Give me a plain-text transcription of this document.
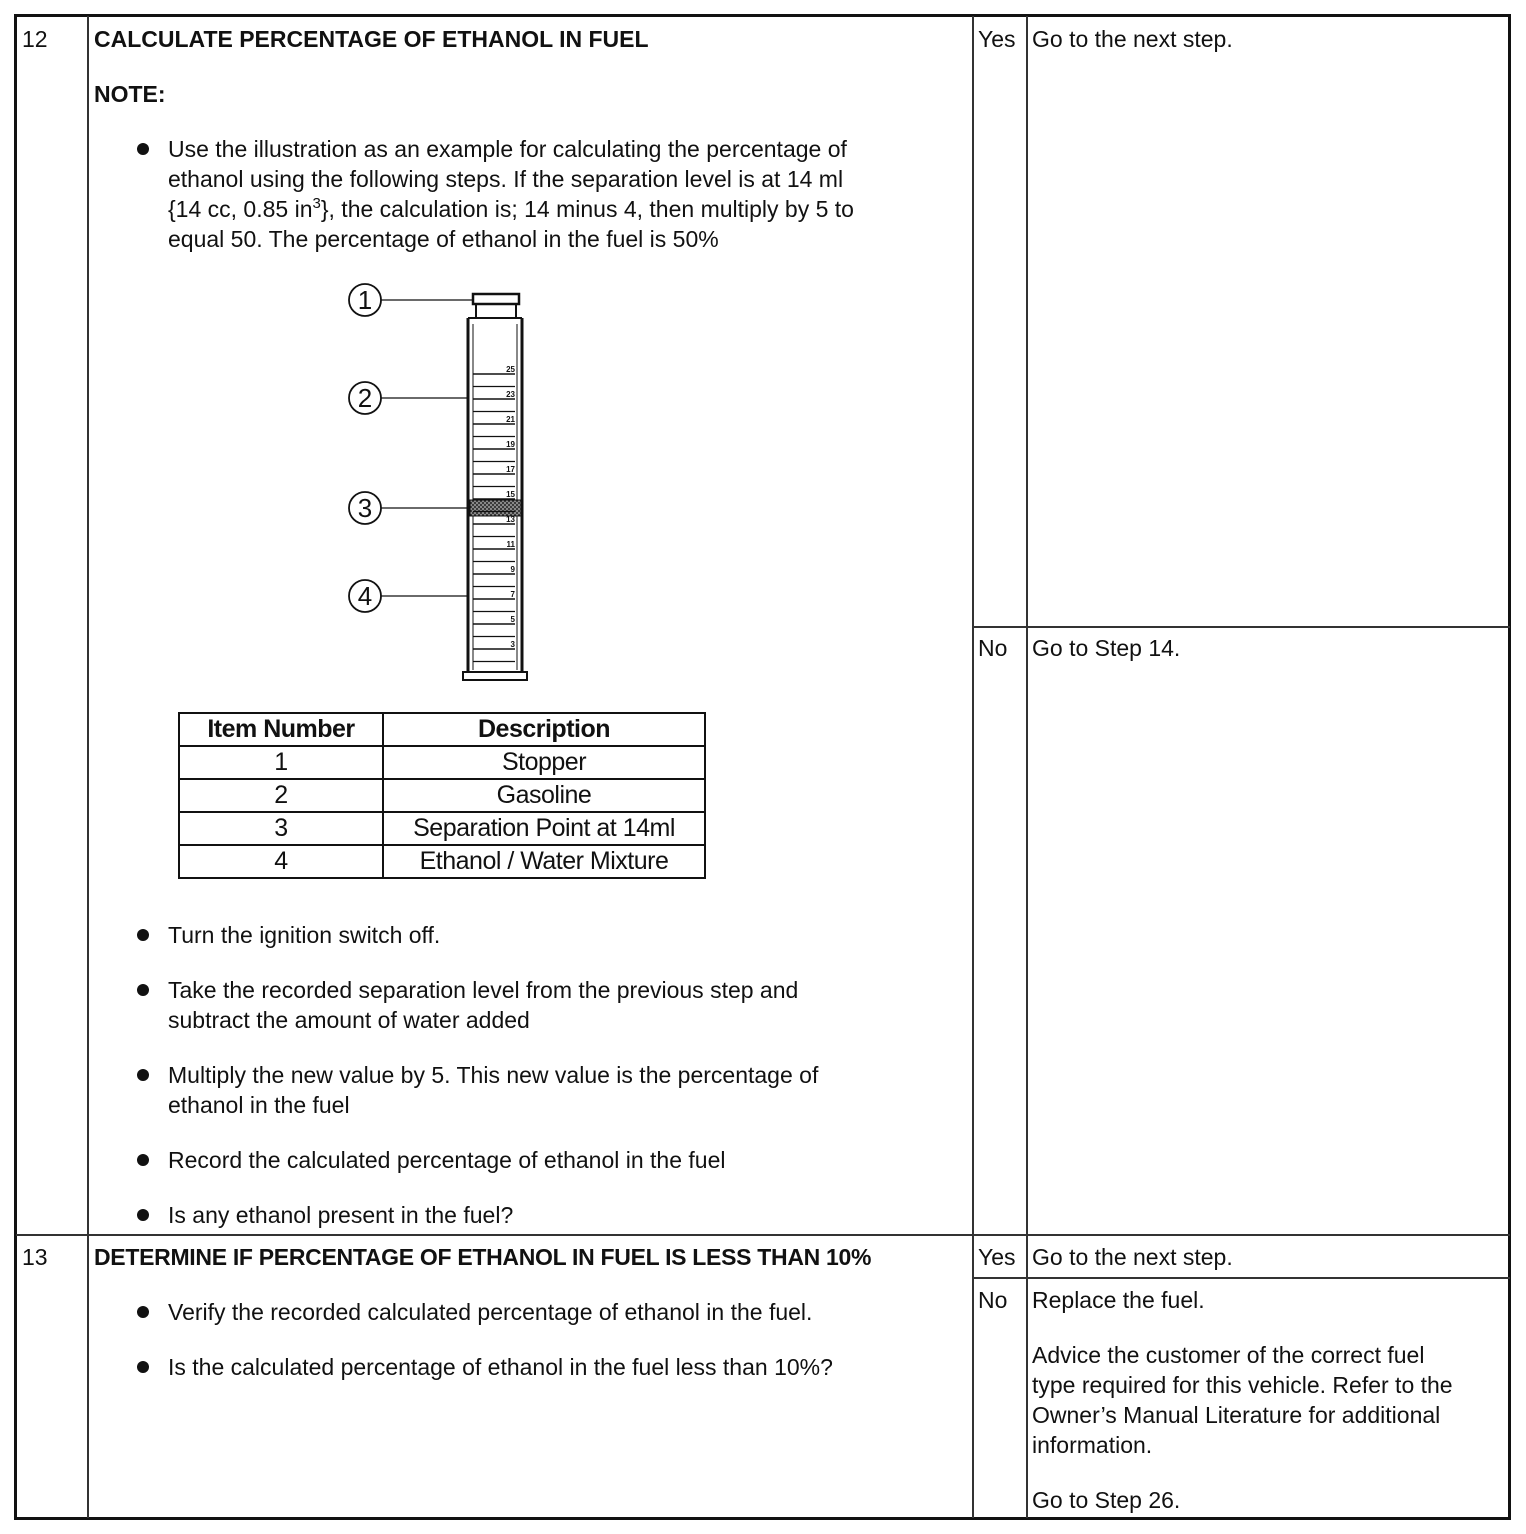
12 CALCULATE PERCENTAGE OF ETHANOL IN FUEL
NOTE:
Use the illustration as an example for calculating the percentage of
ethanol using the following steps. If the separation level is at 14 ml
{14 cc, 0.85 $in^3$}, the calculation is; 14 minus 4, then multiply by 5 to
equal 50. The percentage of ethanol in the fuel is 50%
25
23
21
19
17
15
13
11
9
7
5
3
1
2
3
4
Item Number	Description
1	Stopper
2	Gasoline
3	Separation Point at 14ml
4	Ethanol / Water Mixture
Turn the ignition switch off.
Take the recorded separation level from the previous step and
subtract the amount of water added
Multiply the new value by 5. This new value is the percentage of
ethanol in the fuel
Record the calculated percentage of ethanol in the fuel
Is any ethanol present in the fuel?
Yes Go to the next step.
No Go to Step 14.
13 DETERMINE IF PERCENTAGE OF ETHANOL IN FUEL IS LESS THAN 10%
Verify the recorded calculated percentage of ethanol in the fuel.
Is the calculated percentage of ethanol in the fuel less than 10%?
Yes Go to the next step.
No Replace the fuel.
Advice the customer of the correct fuel
type required for this vehicle. Refer to the
Owner’s Manual Literature for additional
information.
Go to Step 26.
